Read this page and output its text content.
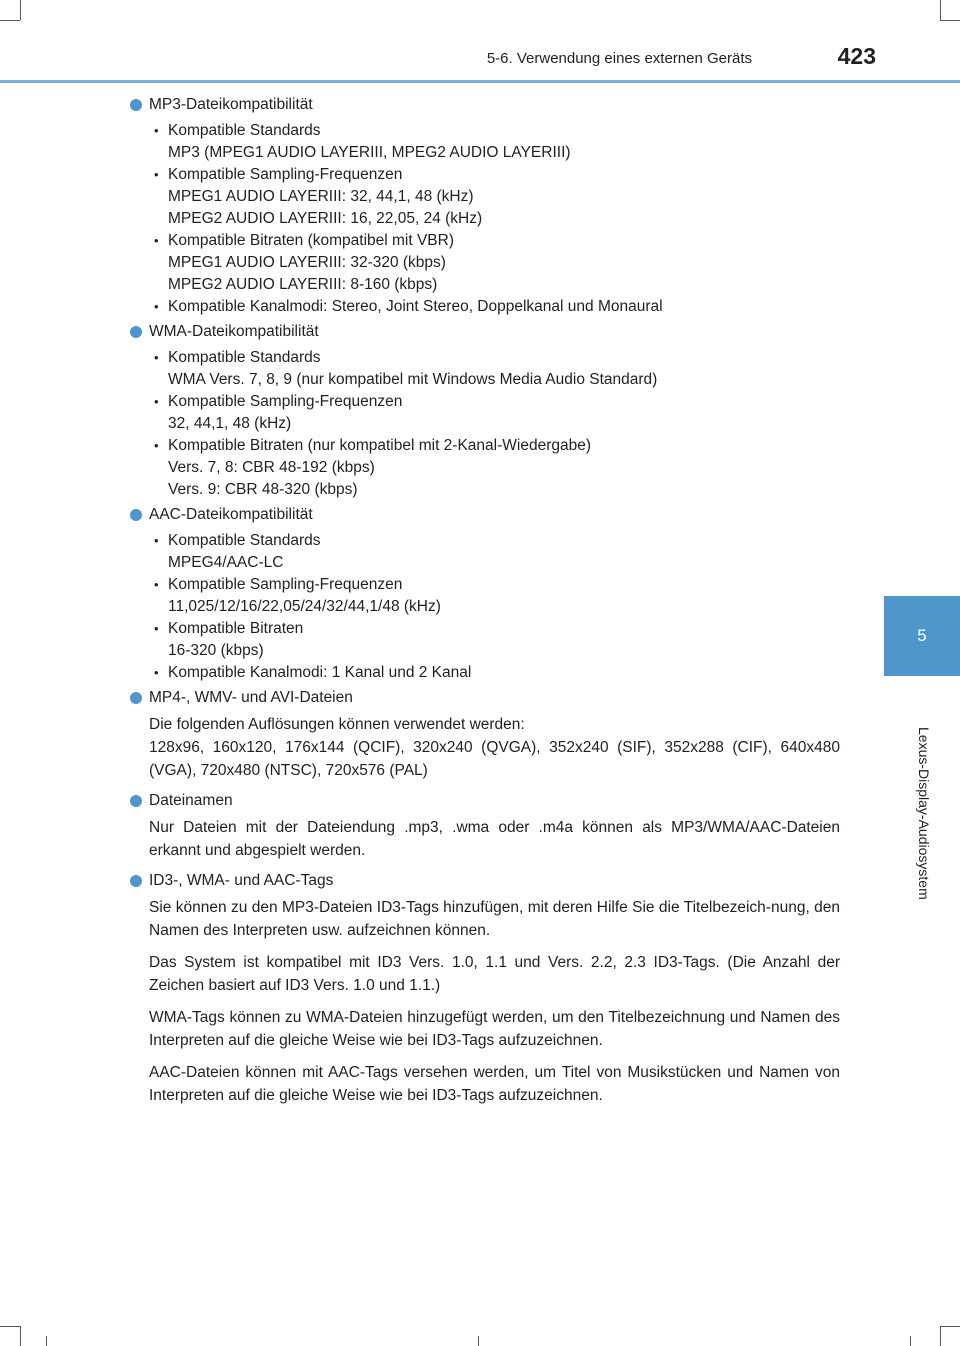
5-6. Verwendung eines externen Geräts	423
5
Lexus-Display-Audiosystem
MP3-Dateikompatibilität
• Kompatible Standards
MP3 (MPEG1 AUDIO LAYERIII, MPEG2 AUDIO LAYERIII)
• Kompatible Sampling-Frequenzen
MPEG1 AUDIO LAYERIII: 32, 44,1, 48 (kHz)
MPEG2 AUDIO LAYERIII: 16, 22,05, 24 (kHz)
• Kompatible Bitraten (kompatibel mit VBR)
MPEG1 AUDIO LAYERIII: 32-320 (kbps)
MPEG2 AUDIO LAYERIII: 8-160 (kbps)
• Kompatible Kanalmodi: Stereo, Joint Stereo, Doppelkanal und Monaural
WMA-Dateikompatibilität
• Kompatible Standards
WMA Vers. 7, 8, 9 (nur kompatibel mit Windows Media Audio Standard)
• Kompatible Sampling-Frequenzen
32, 44,1, 48 (kHz)
• Kompatible Bitraten (nur kompatibel mit 2-Kanal-Wiedergabe)
Vers. 7, 8: CBR 48-192 (kbps)
Vers. 9: CBR 48-320 (kbps)
AAC-Dateikompatibilität
• Kompatible Standards
MPEG4/AAC-LC
• Kompatible Sampling-Frequenzen
11,025/12/16/22,05/24/32/44,1/48 (kHz)
• Kompatible Bitraten
16-320 (kbps)
• Kompatible Kanalmodi: 1 Kanal und 2 Kanal
MP4-, WMV- und AVI-Dateien

Die folgenden Auflösungen können verwendet werden:
128x96, 160x120, 176x144 (QCIF), 320x240 (QVGA), 352x240 (SIF), 352x288 (CIF), 640x480 (VGA), 720x480 (NTSC), 720x576 (PAL)

Dateinamen

Nur Dateien mit der Dateiendung .mp3, .wma oder .m4a können als MP3/WMA/AAC-Dateien erkannt und abgespielt werden.

ID3-, WMA- und AAC-Tags

Sie können zu den MP3-Dateien ID3-Tags hinzufügen, mit deren Hilfe Sie die Titelbezeich-nung, den Namen des Interpreten usw. aufzeichnen können.

Das System ist kompatibel mit ID3 Vers. 1.0, 1.1 und Vers. 2.2, 2.3 ID3-Tags. (Die Anzahl der Zeichen basiert auf ID3 Vers. 1.0 und 1.1.)

WMA-Tags können zu WMA-Dateien hinzugefügt werden, um den Titelbezeichnung und Namen des Interpreten auf die gleiche Weise wie bei ID3-Tags aufzuzeichnen.

AAC-Dateien können mit AAC-Tags versehen werden, um Titel von Musikstücken und Namen von Interpreten auf die gleiche Weise wie bei ID3-Tags aufzuzeichnen.
